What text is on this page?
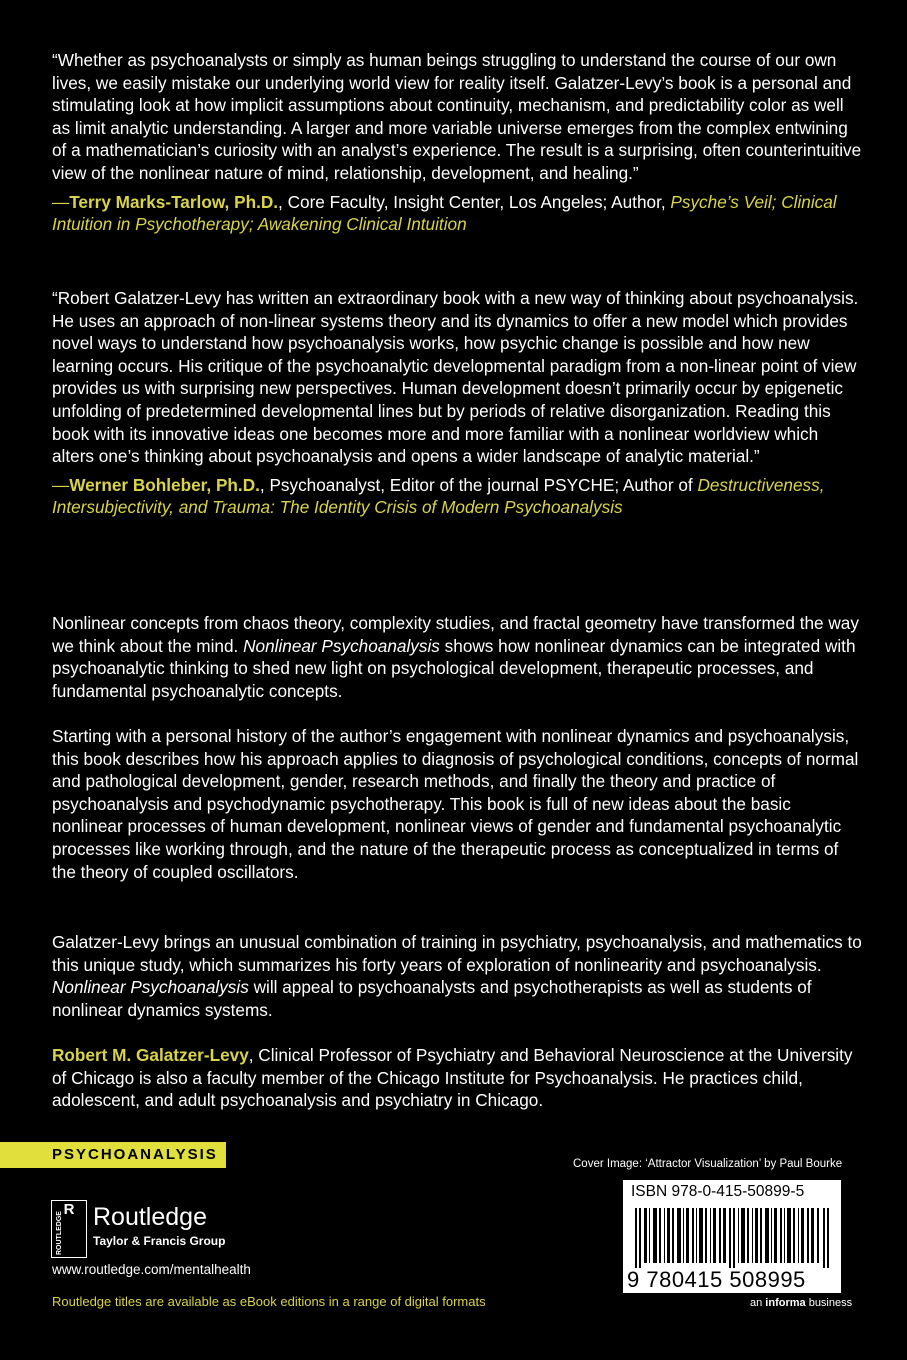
“Whether as psychoanalysts or simply as human beings struggling to understand the course of our own lives, we easily mistake our underlying world view for reality itself. Galatzer-Levy’s book is a personal and stimulating look at how implicit assumptions about continuity, mechanism, and predictability color as well as limit analytic understanding. A larger and more variable universe emerges from the complex entwining of a mathematician’s curiosity with an analyst’s experience. The result is a surprising, often counterintuitive view of the nonlinear nature of mind, relationship, development, and healing.”

—Terry Marks-Tarlow, Ph.D., Core Faculty, Insight Center, Los Angeles; Author, Psyche’s Veil; Clinical Intuition in Psychotherapy; Awakening Clinical Intuition

“Robert Galatzer-Levy has written an extraordinary book with a new way of thinking about psychoanalysis. He uses an approach of non-linear systems theory and its dynamics to offer a new model which provides novel ways to understand how psychoanalysis works, how psychic change is possible and how new learning occurs. His critique of the psychoanalytic developmental paradigm from a non-linear point of view provides us with surprising new perspectives. Human development doesn’t primarily occur by epigenetic unfolding of predetermined developmental lines but by periods of relative disorganization. Reading this book with its innovative ideas one becomes more and more familiar with a nonlinear worldview which alters one’s thinking about psychoanalysis and opens a wider landscape of analytic material.”

—Werner Bohleber, Ph.D., Psychoanalyst, Editor of the journal PSYCHE; Author of Destructiveness, Intersubjectivity, and Trauma: The Identity Crisis of Modern Psychoanalysis

Nonlinear concepts from chaos theory, complexity studies, and fractal geometry have transformed the way we think about the mind. Nonlinear Psychoanalysis shows how nonlinear dynamics can be integrated with psychoanalytic thinking to shed new light on psychological development, therapeutic processes, and fundamental psychoanalytic concepts.

Starting with a personal history of the author’s engagement with nonlinear dynamics and psychoanalysis, this book describes how his approach applies to diagnosis of psychological conditions, concepts of normal and pathological development, gender, research methods, and finally the theory and practice of psychoanalysis and psychodynamic psychotherapy. This book is full of new ideas about the basic nonlinear processes of human development, nonlinear views of gender and fundamental psychoanalytic processes like working through, and the nature of the therapeutic process as conceptualized in terms of the theory of coupled oscillators.

Galatzer-Levy brings an unusual combination of training in psychiatry, psychoanalysis, and mathematics to this unique study, which summarizes his forty years of exploration of nonlinearity and psychoanalysis. Nonlinear Psychoanalysis will appeal to psychoanalysts and psychotherapists as well as students of nonlinear dynamics systems.

Robert M. Galatzer-Levy, Clinical Professor of Psychiatry and Behavioral Neuroscience at the University of Chicago is also a faculty member of the Chicago Institute for Psychoanalysis. He practices child, adolescent, and adult psychoanalysis and psychiatry in Chicago.

PSYCHOANALYSIS
R
ROUTLEDGE	Routledge
Taylor & Francis Group
www.routledge.com/mentalhealth
Routledge titles are available as eBook editions in a range of digital formats
Cover Image: ‘Attractor Visualization’ by Paul Bourke
ISBN 978-0-415-50899-5
9 780415 508995
an informa business
